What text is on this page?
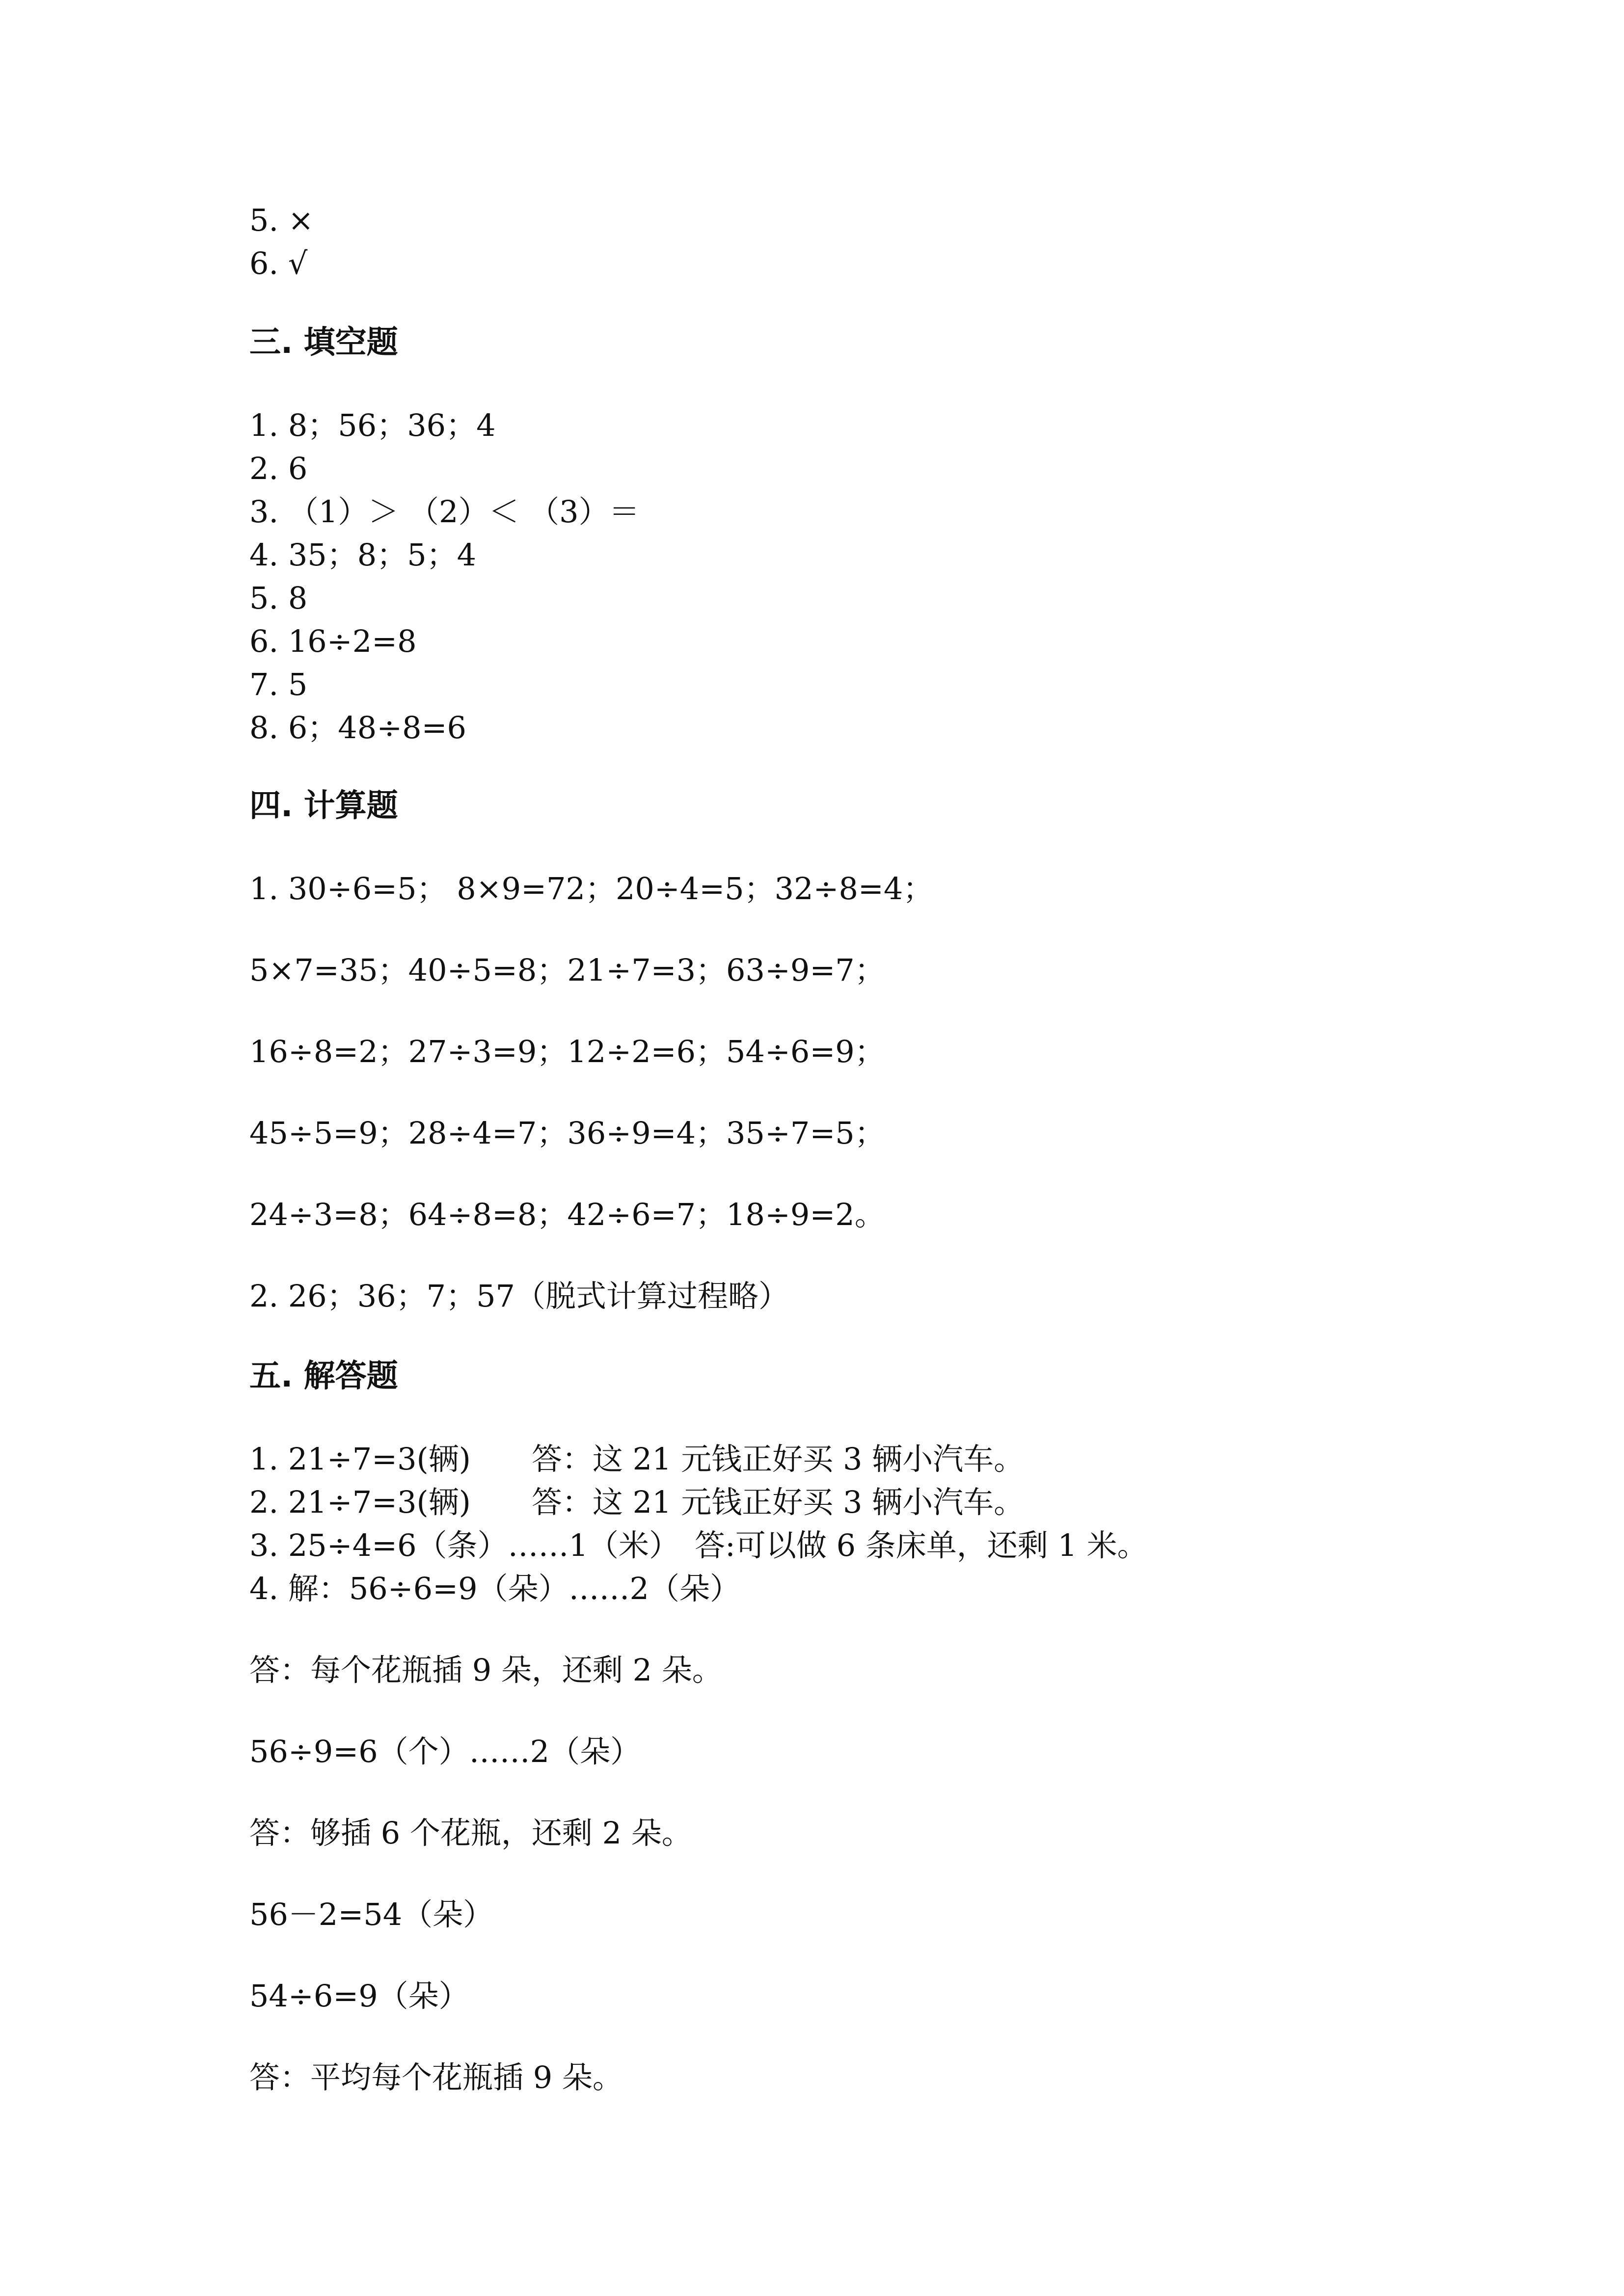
5. ×
6. √
三. 填空题
1. 8；56；36；4
2. 6
3. （1）＞ （2）＜ （3）＝
4. 35；8；5；4
5. 8
6. 16÷2=8
7. 5
8. 6；48÷8=6
四. 计算题
1. 30÷6=5； 8×9=72；20÷4=5；32÷8=4；
5×7=35；40÷5=8；21÷7=3；63÷9=7；
16÷8=2；27÷3=9；12÷2=6；54÷6=9；
45÷5=9；28÷4=7；36÷9=4；35÷7=5；
24÷3=8；64÷8=8；42÷6=7；18÷9=2。
2. 26；36；7；57（脱式计算过程略）
五. 解答题
1. 21÷7=3(辆)　　答：这 21 元钱正好买 3 辆小汽车。
2. 21÷7=3(辆)　　答：这 21 元钱正好买 3 辆小汽车。
3. 25÷4=6（条）……1（米）　答:可以做 6 条床单，还剩 1 米。
4. 解：56÷6=9（朵）……2（朵）
答：每个花瓶插 9 朵，还剩 2 朵。
56÷9=6（个）……2（朵）
答：够插 6 个花瓶，还剩 2 朵。
56－2=54（朵）
54÷6=9（朵）
答：平均每个花瓶插 9 朵。
